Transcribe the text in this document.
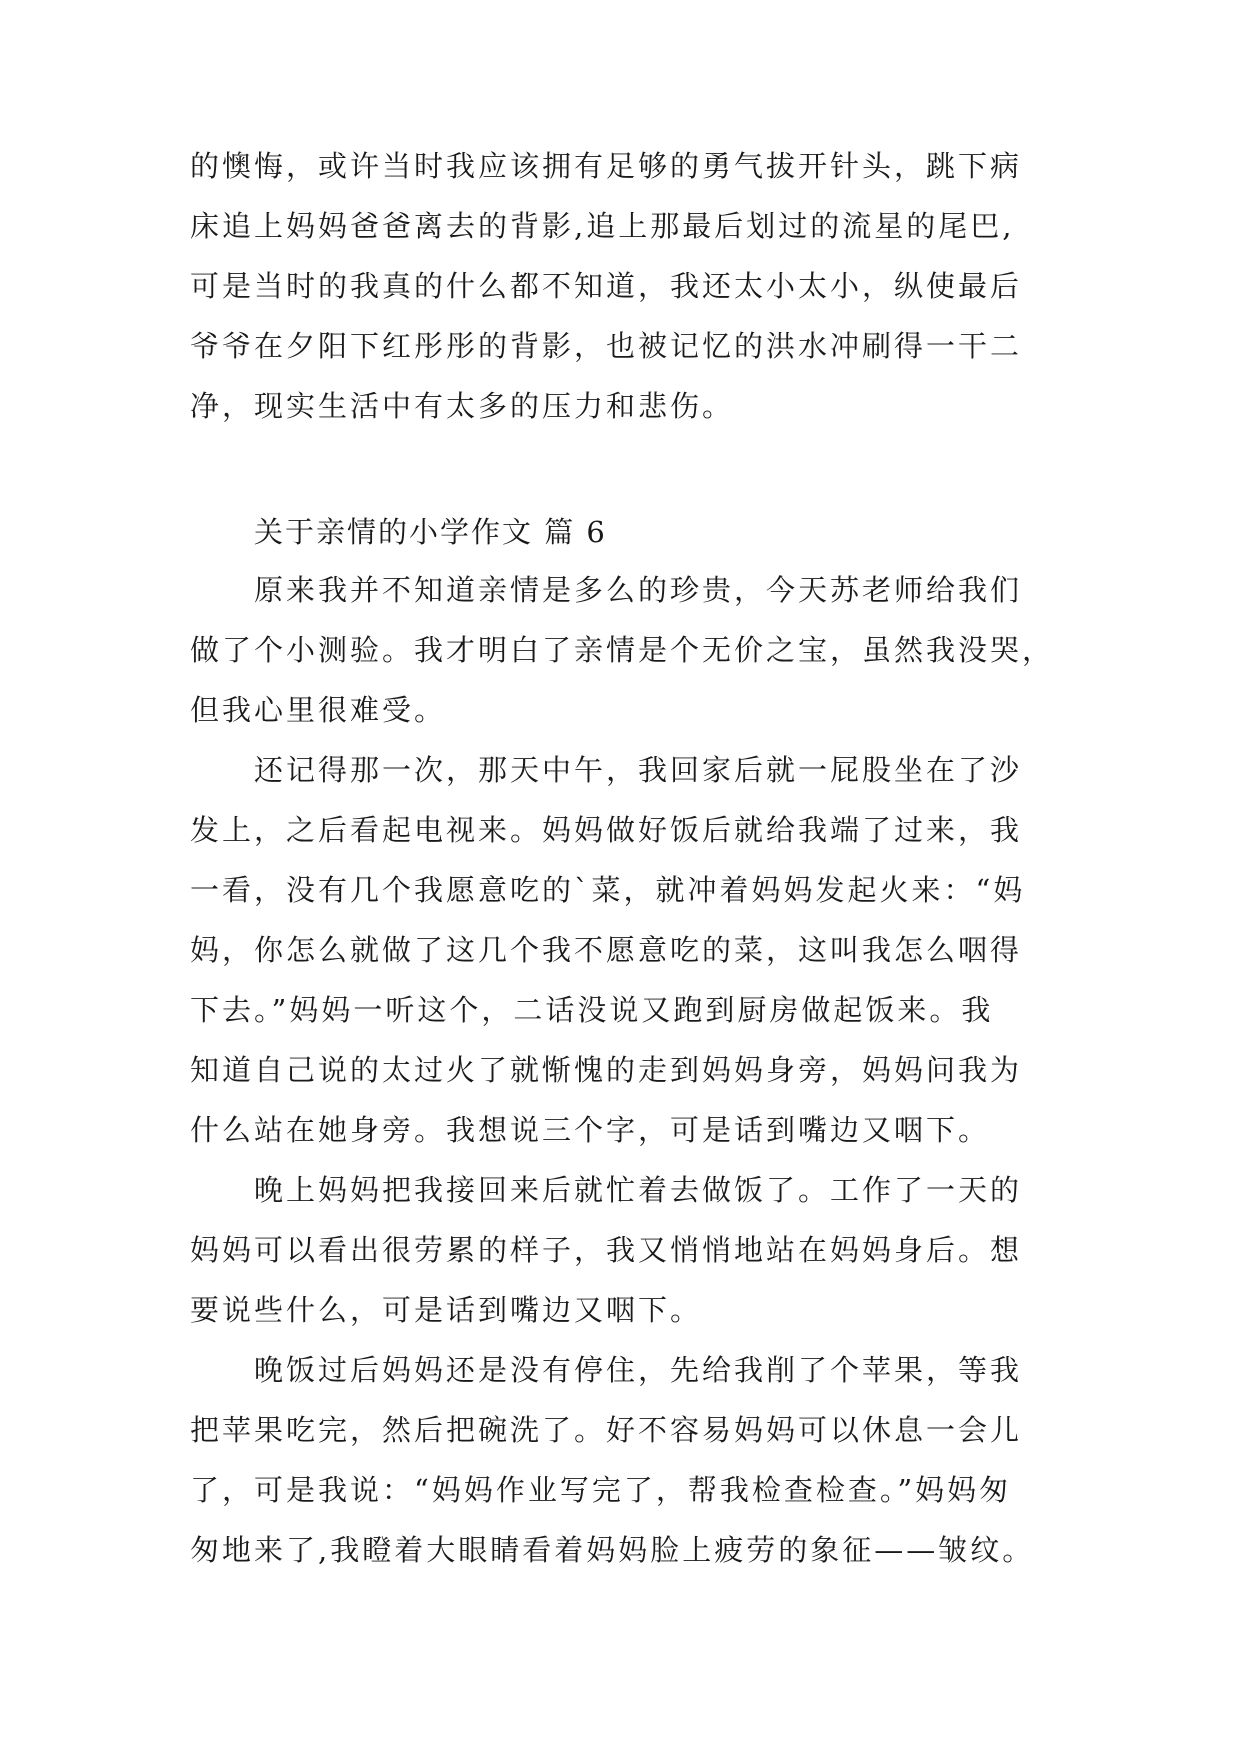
的懊悔，或许当时我应该拥有足够的勇气拔开针头，跳下病
床追上妈妈爸爸离去的背影,追上那最后划过的流星的尾巴,
可是当时的我真的什么都不知道，我还太小太小，纵使最后
爷爷在夕阳下红彤彤的背影，也被记忆的洪水冲刷得一干二
净，现实生活中有太多的压力和悲伤。
关于亲情的小学作文 篇 6
原来我并不知道亲情是多么的珍贵，今天苏老师给我们
做了个小测验。我才明白了亲情是个无价之宝，虽然我没哭，
但我心里很难受。
还记得那一次，那天中午，我回家后就一屁股坐在了沙
发上，之后看起电视来。妈妈做好饭后就给我端了过来，我
一看，没有几个我愿意吃的`菜，就冲着妈妈发起火来：“妈
妈，你怎么就做了这几个我不愿意吃的菜，这叫我怎么咽得
下去。”妈妈一听这个，二话没说又跑到厨房做起饭来。我
知道自己说的太过火了就惭愧的走到妈妈身旁，妈妈问我为
什么站在她身旁。我想说三个字，可是话到嘴边又咽下。
晚上妈妈把我接回来后就忙着去做饭了。工作了一天的
妈妈可以看出很劳累的样子，我又悄悄地站在妈妈身后。想
要说些什么，可是话到嘴边又咽下。
晚饭过后妈妈还是没有停住，先给我削了个苹果，等我
把苹果吃完，然后把碗洗了。好不容易妈妈可以休息一会儿
了，可是我说：“妈妈作业写完了，帮我检查检查。”妈妈匆
匆地来了,我瞪着大眼睛看着妈妈脸上疲劳的象征——皱纹。
